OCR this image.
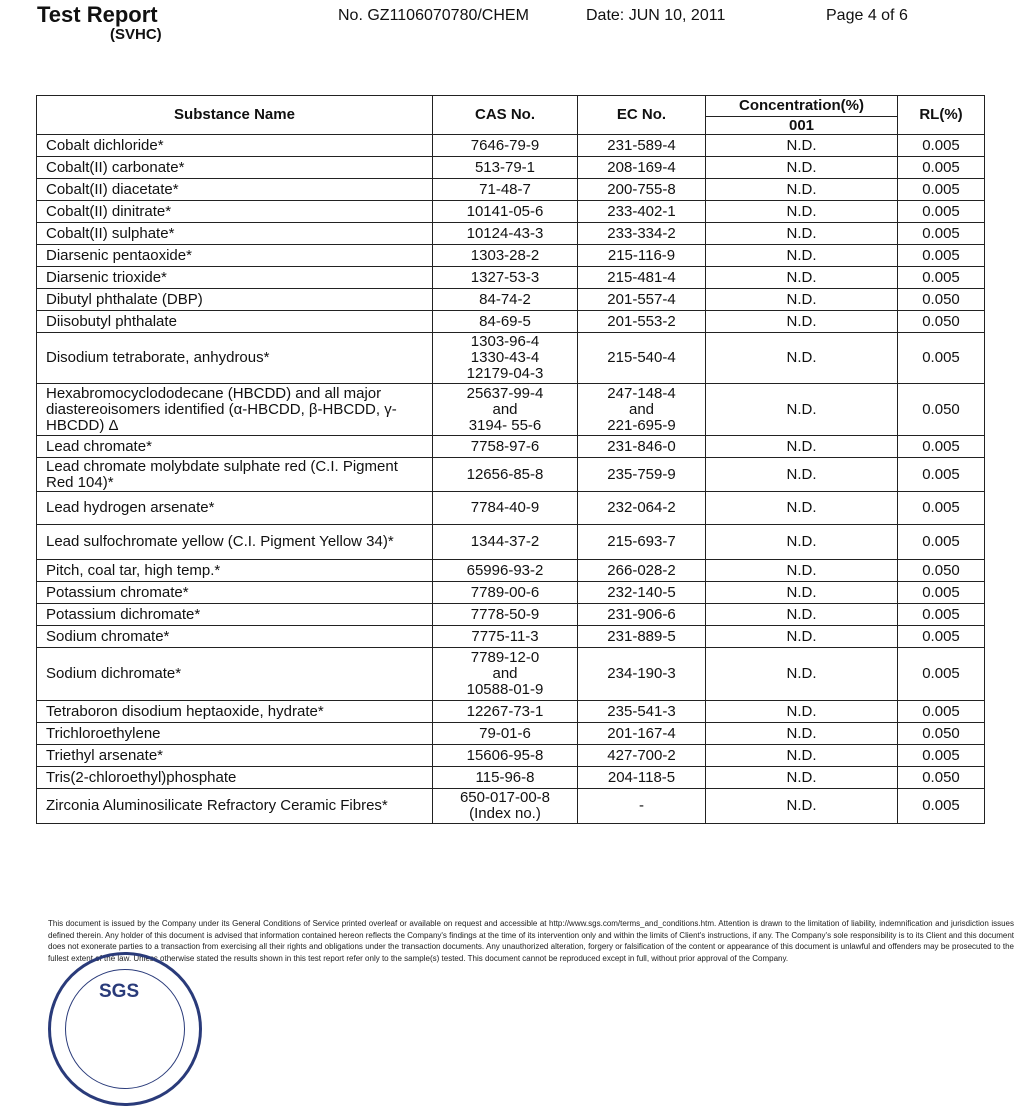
Test Report
(SVHC)
No. GZ1106070780/CHEM	Date: JUN 10, 2011	Page 4 of 6
Substance Name	CAS No.	EC No.	Concentration(%)	RL(%)
			001	
Cobalt dichloride*	7646-79-9	231-589-4	N.D.	0.005
Cobalt(II) carbonate*	513-79-1	208-169-4	N.D.	0.005
Cobalt(II) diacetate*	71-48-7	200-755-8	N.D.	0.005
Cobalt(II) dinitrate*	10141-05-6	233-402-1	N.D.	0.005
Cobalt(II) sulphate*	10124-43-3	233-334-2	N.D.	0.005
Diarsenic pentaoxide*	1303-28-2	215-116-9	N.D.	0.005
Diarsenic trioxide*	1327-53-3	215-481-4	N.D.	0.005
Dibutyl phthalate (DBP)	84-74-2	201-557-4	N.D.	0.050
Diisobutyl phthalate	84-69-5	201-553-2	N.D.	0.050
Disodium tetraborate, anhydrous*	1303-96-4
1330-43-4
12179-04-3	215-540-4	N.D.	0.005
Hexabromocyclododecane (HBCDD) and all major diastereoisomers identified (α-HBCDD, β-HBCDD, γ-HBCDD) Δ	25637-99-4
and
3194- 55-6	247-148-4
and
221-695-9	N.D.	0.050
Lead chromate*	7758-97-6	231-846-0	N.D.	0.005
Lead chromate molybdate sulphate red (C.I. Pigment Red 104)*	12656-85-8	235-759-9	N.D.	0.005
Lead hydrogen arsenate*	7784-40-9	232-064-2	N.D.	0.005
Lead sulfochromate yellow (C.I. Pigment Yellow 34)*	1344-37-2	215-693-7	N.D.	0.005
Pitch, coal tar, high temp.*	65996-93-2	266-028-2	N.D.	0.050
Potassium chromate*	7789-00-6	232-140-5	N.D.	0.005
Potassium dichromate*	7778-50-9	231-906-6	N.D.	0.005
Sodium chromate*	7775-11-3	231-889-5	N.D.	0.005
Sodium dichromate*	7789-12-0
and
10588-01-9	234-190-3	N.D.	0.005
Tetraboron disodium heptaoxide, hydrate*	12267-73-1	235-541-3	N.D.	0.005
Trichloroethylene	79-01-6	201-167-4	N.D.	0.050
Triethyl arsenate*	15606-95-8	427-700-2	N.D.	0.005
Tris(2-chloroethyl)phosphate	115-96-8	204-118-5	N.D.	0.050
Zirconia Aluminosilicate Refractory Ceramic Fibres*	650-017-00-8
(Index no.)	-	N.D.	0.005
This document is issued by the Company under its General Conditions of Service printed overleaf or available on request and accessible at http://www.sgs.com/terms_and_conditions.htm. Attention is drawn to the limitation of liability, indemnification and jurisdiction issues defined therein. Any holder of this document is advised that information contained hereon reflects the Company's findings at the time of its intervention only and within the limits of Client's instructions, if any. The Company's sole responsibility is to its Client and this document does not exonerate parties to a transaction from exercising all their rights and obligations under the transaction documents. Any unauthorized alteration, forgery or falsification of the content or appearance of this document is unlawful and offenders may be prosecuted to the fullest extent of the law. Unless otherwise stated the results shown in this test report refer only to the sample(s) tested. This document cannot be reproduced except in full, without prior approval of the Company.
SGS
